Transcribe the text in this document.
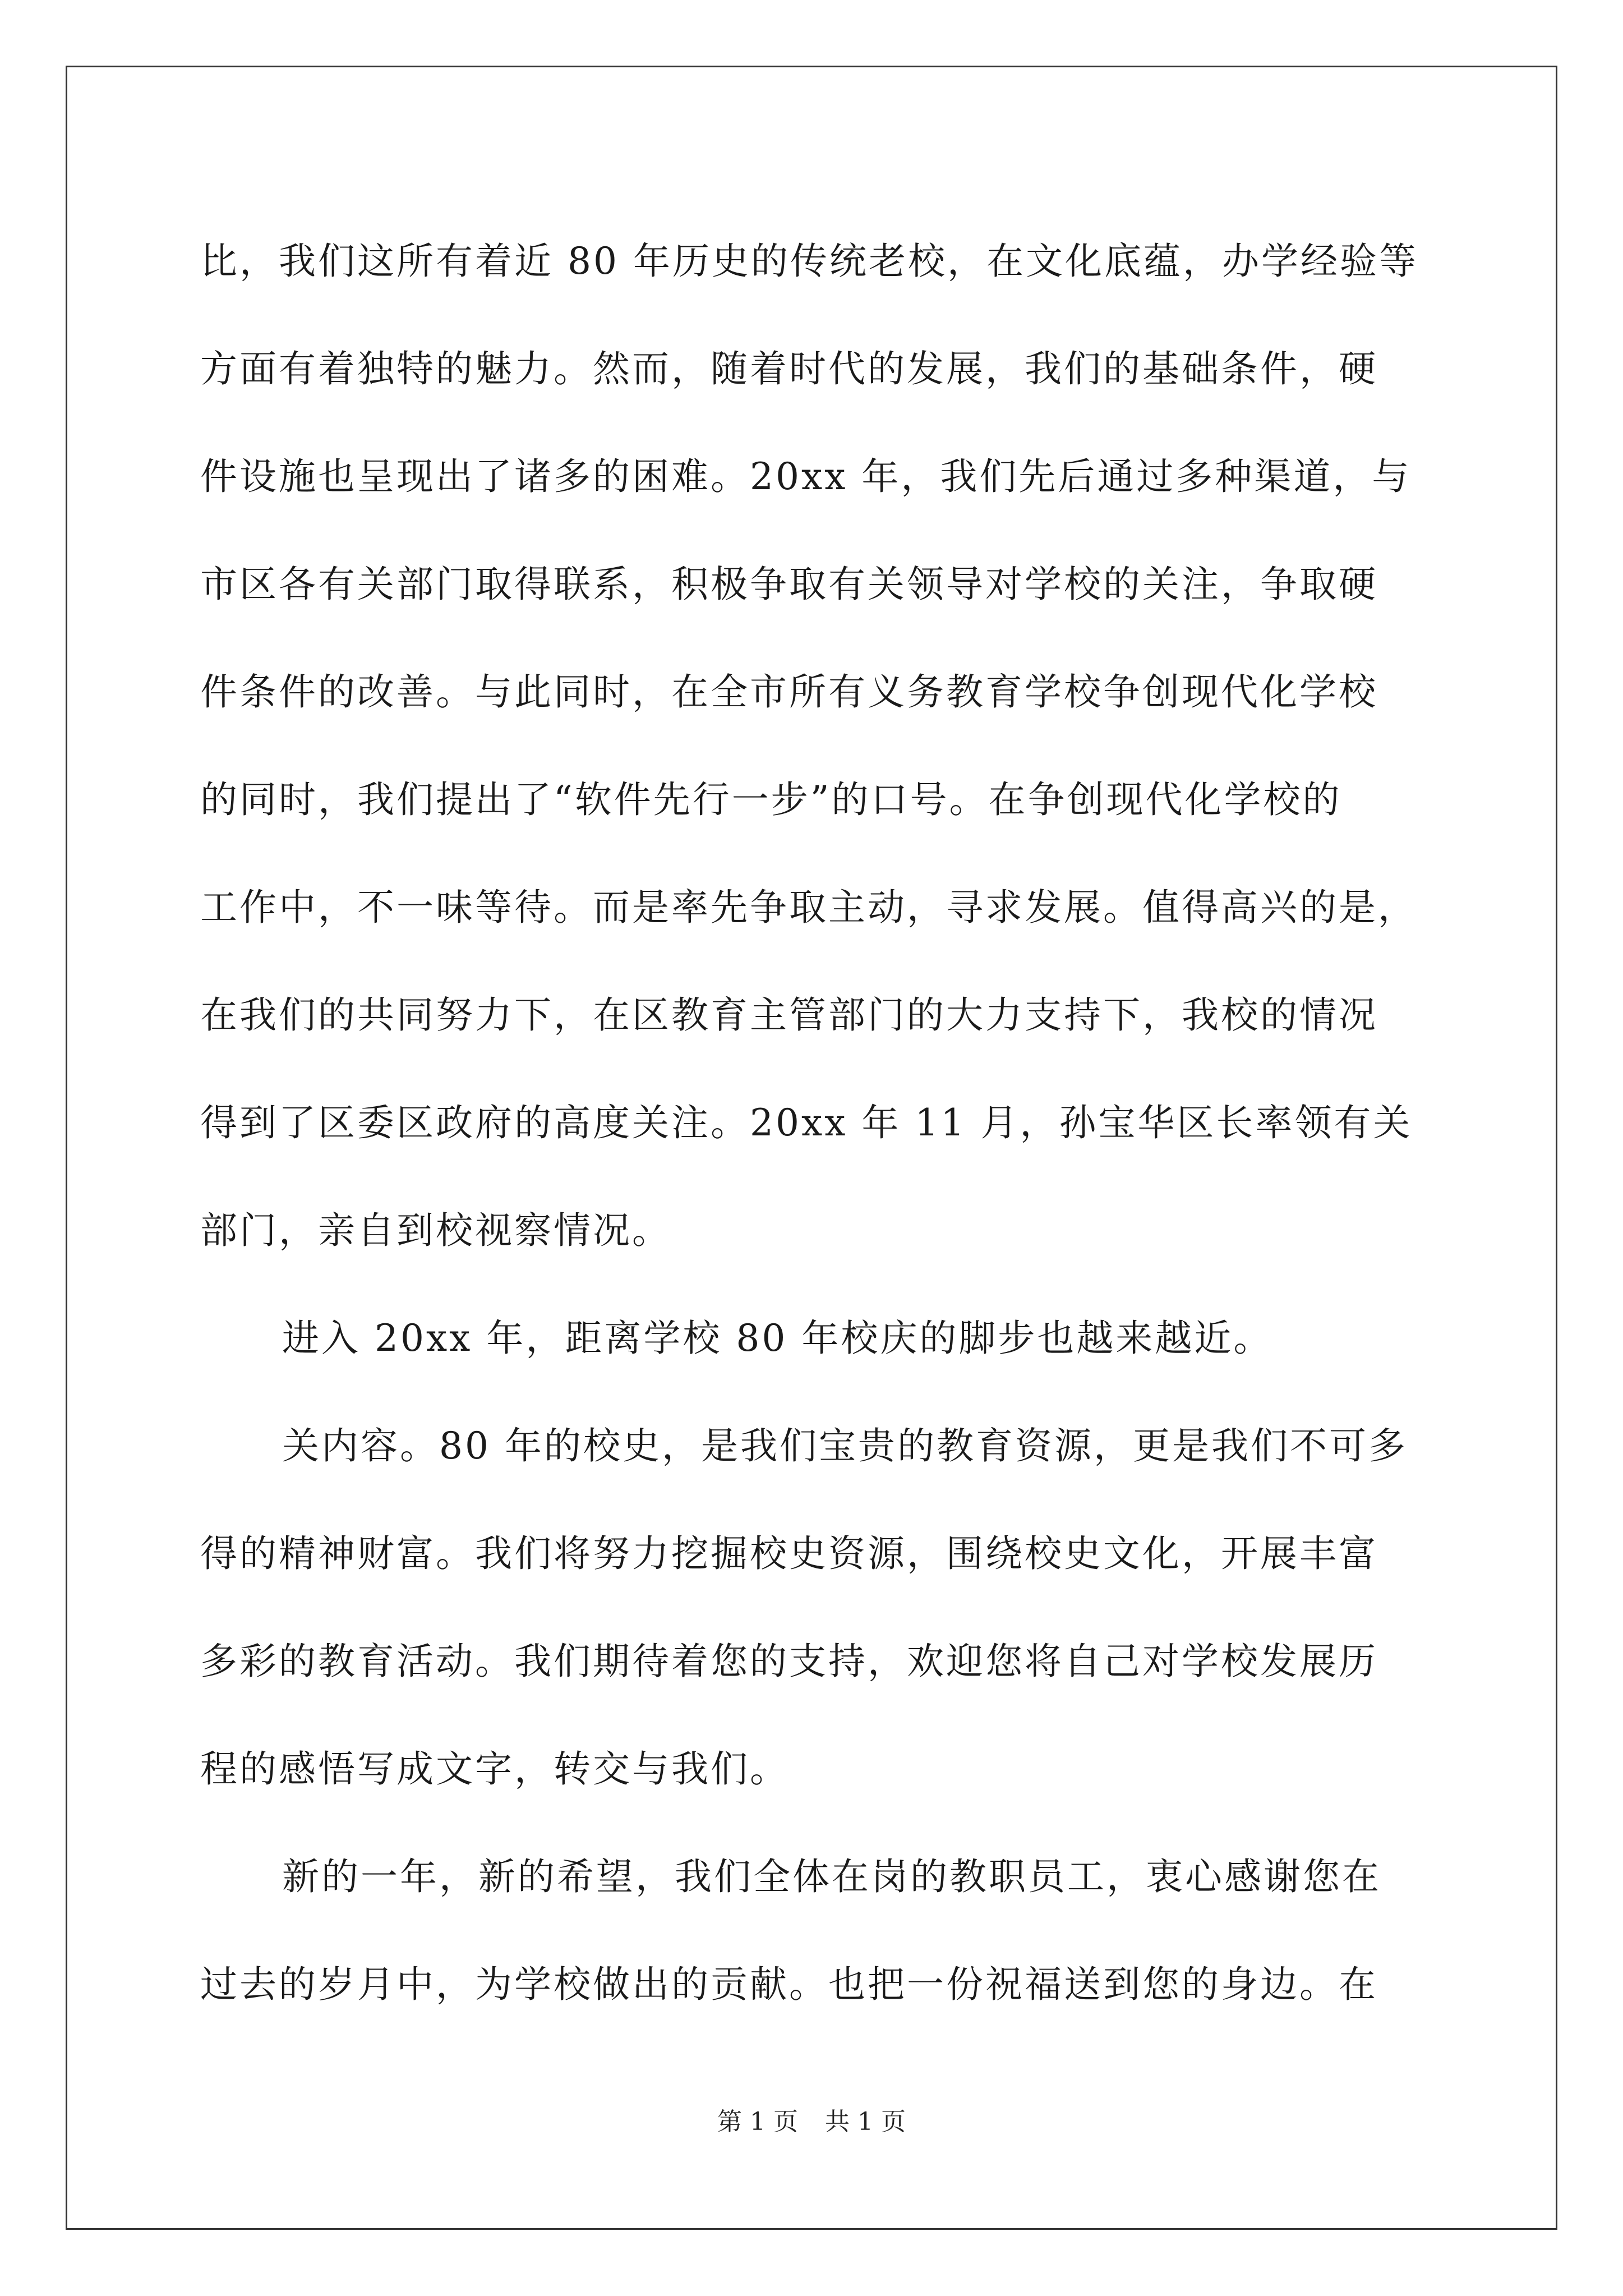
比，我们这所有着近 80 年历史的传统老校，在文化底蕴，办学经验等

方面有着独特的魅力。然而，随着时代的发展，我们的基础条件，硬

件设施也呈现出了诸多的困难。20xx 年，我们先后通过多种渠道，与

市区各有关部门取得联系，积极争取有关领导对学校的关注，争取硬

件条件的改善。与此同时，在全市所有义务教育学校争创现代化学校

的同时，我们提出了“软件先行一步”的口号。在争创现代化学校的

工作中，不一味等待。而是率先争取主动，寻求发展。值得高兴的是，

在我们的共同努力下，在区教育主管部门的大力支持下，我校的情况

得到了区委区政府的高度关注。20xx 年 11 月，孙宝华区长率领有关

部门，亲自到校视察情况。

进入 20xx 年，距离学校 80 年校庆的脚步也越来越近。

关内容。80 年的校史，是我们宝贵的教育资源，更是我们不可多

得的精神财富。我们将努力挖掘校史资源，围绕校史文化，开展丰富

多彩的教育活动。我们期待着您的支持，欢迎您将自己对学校发展历

程的感悟写成文字，转交与我们。

新的一年，新的希望，我们全体在岗的教职员工，衷心感谢您在

过去的岁月中，为学校做出的贡献。也把一份祝福送到您的身边。在

第 1 页 共 1 页
